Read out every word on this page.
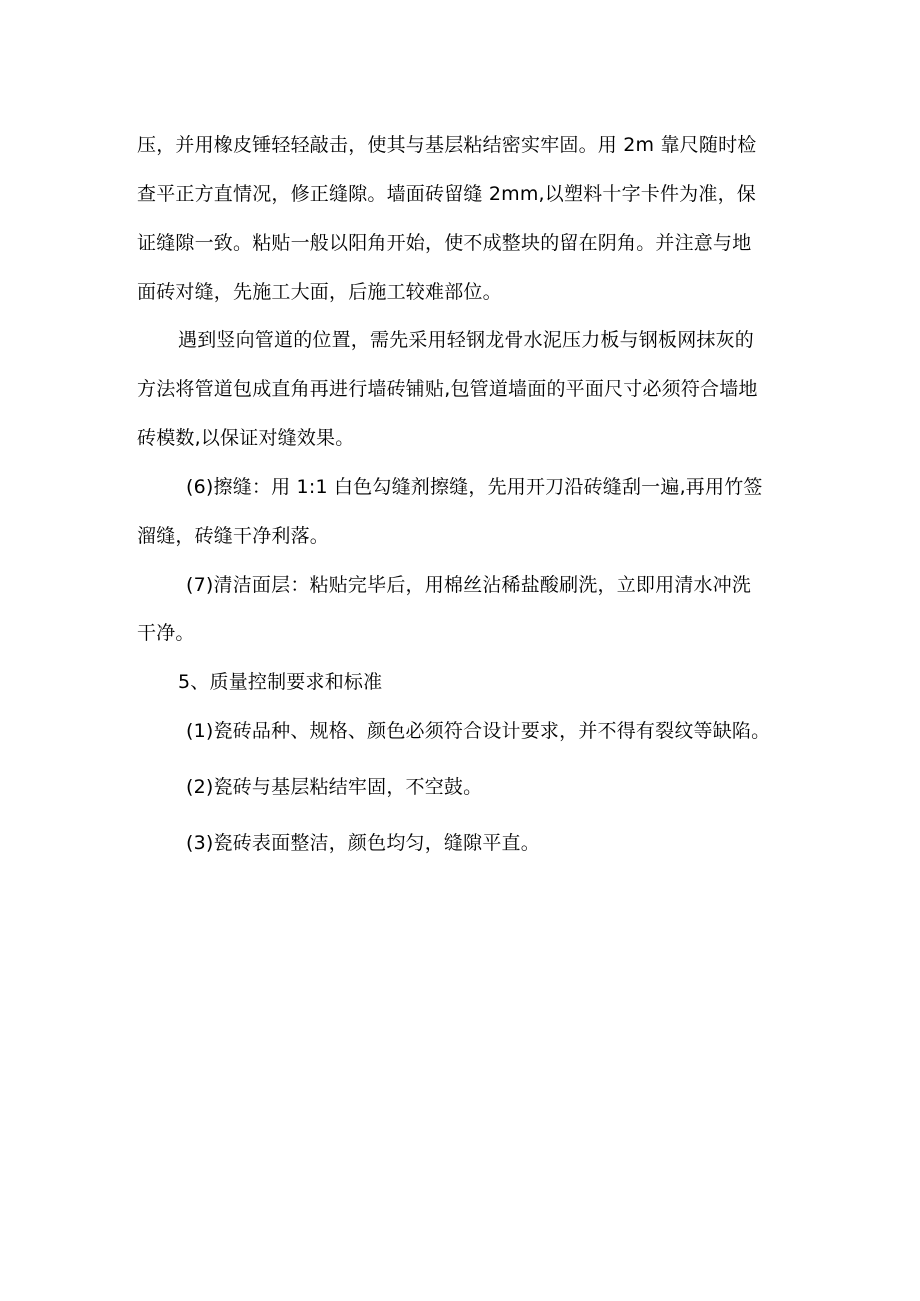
压，并用橡皮锤轻轻敲击，使其与基层粘结密实牢固。用 2m 靠尺随时检
查平正方直情况，修正缝隙。墙面砖留缝 2mm,以塑料十字卡件为准，保
证缝隙一致。粘贴一般以阳角开始，使不成整块的留在阴角。并注意与地
面砖对缝，先施工大面，后施工较难部位。
遇到竖向管道的位置，需先采用轻钢龙骨水泥压力板与钢板网抹灰的
方法将管道包成直角再进行墙砖铺贴,包管道墙面的平面尺寸必须符合墙地
砖模数,以保证对缝效果。
(6)擦缝：用 1:1 白色勾缝剂擦缝，先用开刀沿砖缝刮一遍,再用竹签
溜缝，砖缝干净利落。
(7)清洁面层：粘贴完毕后，用棉丝沾稀盐酸刷洗，立即用清水冲洗
干净。
5、质量控制要求和标准
(1)瓷砖品种、规格、颜色必须符合设计要求，并不得有裂纹等缺陷。
(2)瓷砖与基层粘结牢固，不空鼓。
(3)瓷砖表面整洁，颜色均匀，缝隙平直。
